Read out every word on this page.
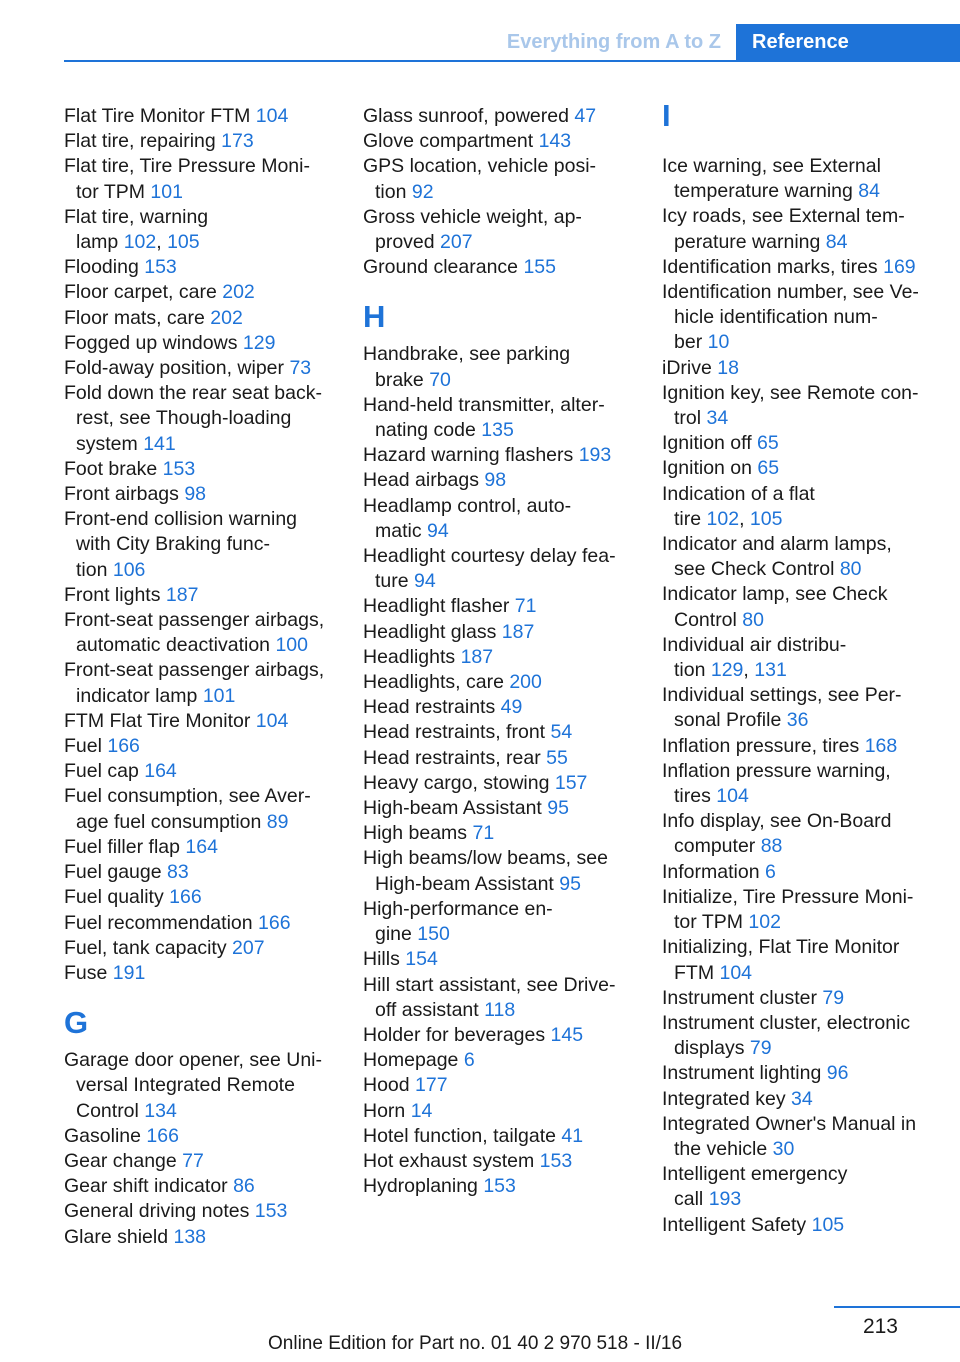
Everything from A to Z	Reference
Flat Tire Monitor FTM 104
Flat tire, repairing 173
Flat tire, Tire Pressure Moni‐
tor TPM 101
Flat tire, warning
lamp 102, 105
Flooding 153
Floor carpet, care 202
Floor mats, care 202
Fogged up windows 129
Fold-away position, wiper 73
Fold down the rear seat back‐
rest, see Though-loading
system 141
Foot brake 153
Front airbags 98
Front-end collision warning
with City Braking func‐
tion 106
Front lights 187
Front-seat passenger airbags,
automatic deactivation 100
Front-seat passenger airbags,
indicator lamp 101
FTM Flat Tire Monitor 104
Fuel 166
Fuel cap 164
Fuel consumption, see Aver‐
age fuel consumption 89
Fuel filler flap 164
Fuel gauge 83
Fuel quality 166
Fuel recommendation 166
Fuel, tank capacity 207
Fuse 191
G
Garage door opener, see Uni‐
versal Integrated Remote
Control 134
Gasoline 166
Gear change 77
Gear shift indicator 86
General driving notes 153
Glare shield 138
Glass sunroof, powered 47
Glove compartment 143
GPS location, vehicle posi‐
tion 92
Gross vehicle weight, ap‐
proved 207
Ground clearance 155
H
Handbrake, see parking
brake 70
Hand-held transmitter, alter‐
nating code 135
Hazard warning flashers 193
Head airbags 98
Headlamp control, auto‐
matic 94
Headlight courtesy delay fea‐
ture 94
Headlight flasher 71
Headlight glass 187
Headlights 187
Headlights, care 200
Head restraints 49
Head restraints, front 54
Head restraints, rear 55
Heavy cargo, stowing 157
High-beam Assistant 95
High beams 71
High beams/low beams, see
High-beam Assistant 95
High-performance en‐
gine 150
Hills 154
Hill start assistant, see Drive-
off assistant 118
Holder for beverages 145
Homepage 6
Hood 177
Horn 14
Hotel function, tailgate 41
Hot exhaust system 153
Hydroplaning 153
I
Ice warning, see External
temperature warning 84
Icy roads, see External tem‐
perature warning 84
Identification marks, tires 169
Identification number, see Ve‐
hicle identification num‐
ber 10
iDrive 18
Ignition key, see Remote con‐
trol 34
Ignition off 65
Ignition on 65
Indication of a flat
tire 102, 105
Indicator and alarm lamps,
see Check Control 80
Indicator lamp, see Check
Control 80
Individual air distribu‐
tion 129, 131
Individual settings, see Per‐
sonal Profile 36
Inflation pressure, tires 168
Inflation pressure warning,
tires 104
Info display, see On-Board
computer 88
Information 6
Initialize, Tire Pressure Moni‐
tor TPM 102
Initializing, Flat Tire Monitor
FTM 104
Instrument cluster 79
Instrument cluster, electronic
displays 79
Instrument lighting 96
Integrated key 34
Integrated Owner's Manual in
the vehicle 30
Intelligent emergency
call 193
Intelligent Safety 105
213
Online Edition for Part no. 01 40 2 970 518 - II/16
